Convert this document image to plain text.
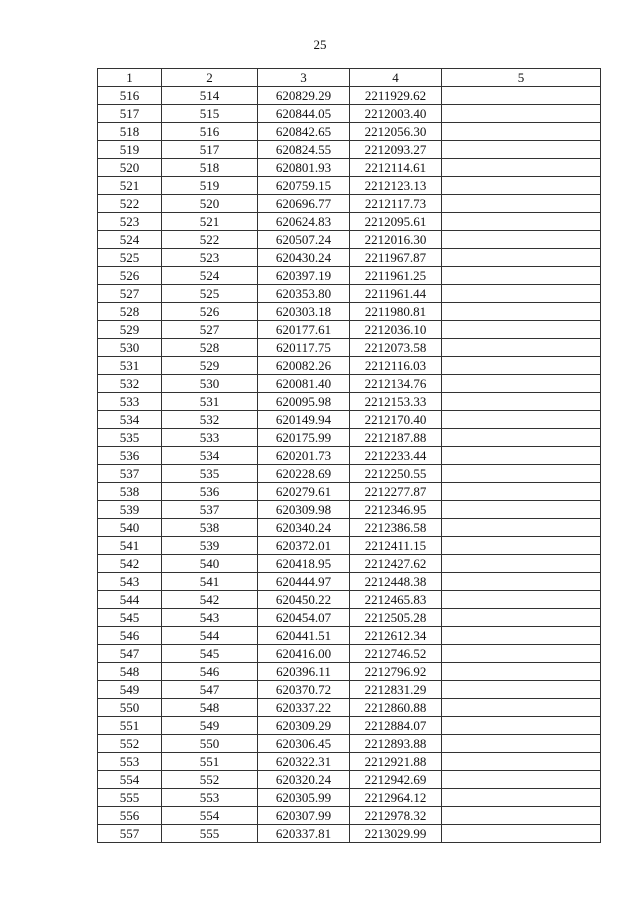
25
1	2	3	4	5
516	514	620829.29	2211929.62	
517	515	620844.05	2212003.40	
518	516	620842.65	2212056.30	
519	517	620824.55	2212093.27	
520	518	620801.93	2212114.61	
521	519	620759.15	2212123.13	
522	520	620696.77	2212117.73	
523	521	620624.83	2212095.61	
524	522	620507.24	2212016.30	
525	523	620430.24	2211967.87	
526	524	620397.19	2211961.25	
527	525	620353.80	2211961.44	
528	526	620303.18	2211980.81	
529	527	620177.61	2212036.10	
530	528	620117.75	2212073.58	
531	529	620082.26	2212116.03	
532	530	620081.40	2212134.76	
533	531	620095.98	2212153.33	
534	532	620149.94	2212170.40	
535	533	620175.99	2212187.88	
536	534	620201.73	2212233.44	
537	535	620228.69	2212250.55	
538	536	620279.61	2212277.87	
539	537	620309.98	2212346.95	
540	538	620340.24	2212386.58	
541	539	620372.01	2212411.15	
542	540	620418.95	2212427.62	
543	541	620444.97	2212448.38	
544	542	620450.22	2212465.83	
545	543	620454.07	2212505.28	
546	544	620441.51	2212612.34	
547	545	620416.00	2212746.52	
548	546	620396.11	2212796.92	
549	547	620370.72	2212831.29	
550	548	620337.22	2212860.88	
551	549	620309.29	2212884.07	
552	550	620306.45	2212893.88	
553	551	620322.31	2212921.88	
554	552	620320.24	2212942.69	
555	553	620305.99	2212964.12	
556	554	620307.99	2212978.32	
557	555	620337.81	2213029.99	
